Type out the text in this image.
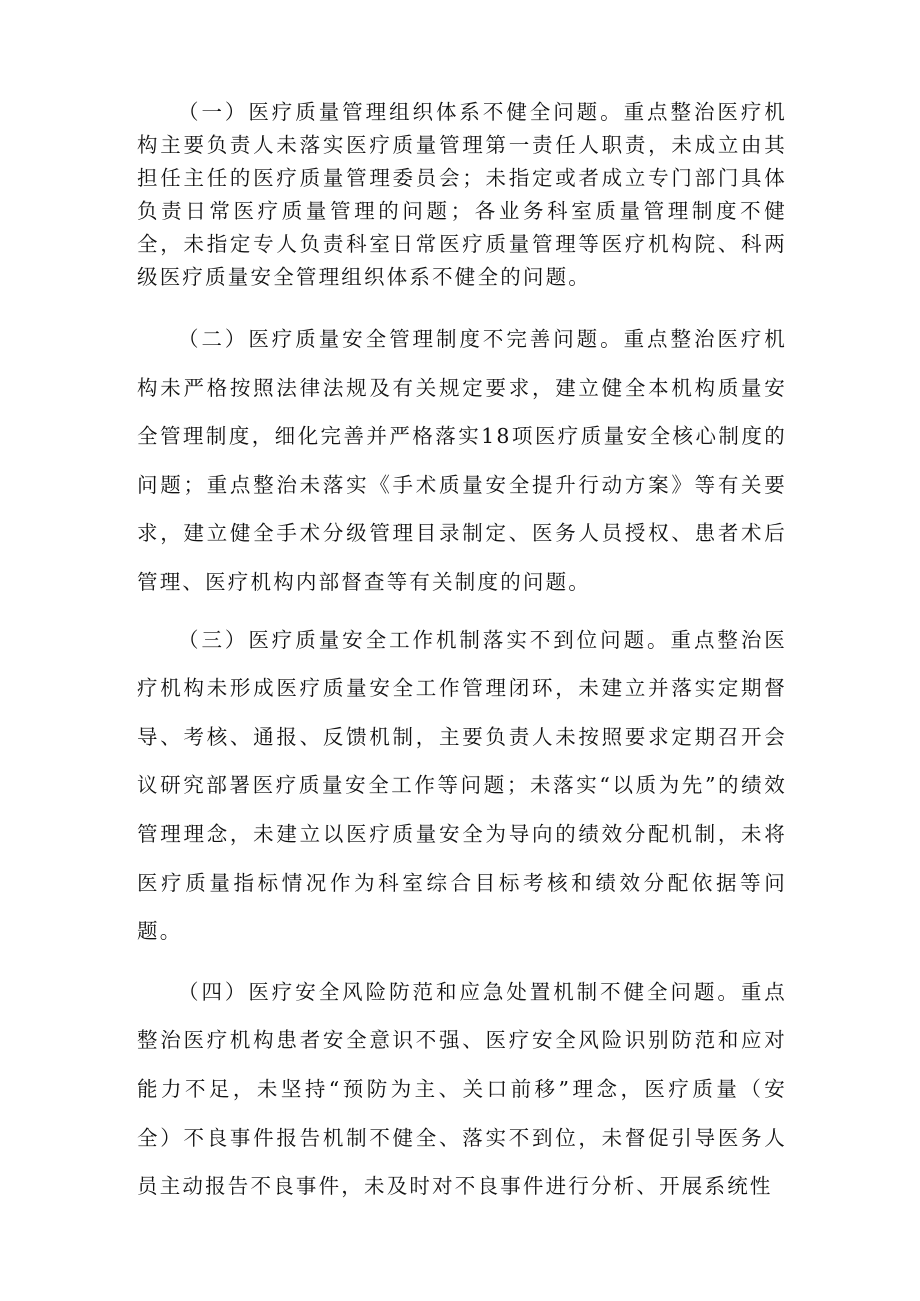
（一）医疗质量管理组织体系不健全问题。重点整治医疗机构主要负责人未落实医疗质量管理第一责任人职责，未成立由其担任主任的医疗质量管理委员会；未指定或者成立专门部门具体负责日常医疗质量管理的问题；各业务科室质量管理制度不健全，未指定专人负责科室日常医疗质量管理等医疗机构院、科两级医疗质量安全管理组织体系不健全的问题。

（二）医疗质量安全管理制度不完善问题。重点整治医疗机构未严格按照法律法规及有关规定要求，建立健全本机构质量安全管理制度，细化完善并严格落实18项医疗质量安全核心制度的问题；重点整治未落实《手术质量安全提升行动方案》等有关要求，建立健全手术分级管理目录制定、医务人员授权、患者术后管理、医疗机构内部督查等有关制度的问题。

（三）医疗质量安全工作机制落实不到位问题。重点整治医疗机构未形成医疗质量安全工作管理闭环，未建立并落实定期督导、考核、通报、反馈机制，主要负责人未按照要求定期召开会议研究部署医疗质量安全工作等问题；未落实“以质为先”的绩效管理理念，未建立以医疗质量安全为导向的绩效分配机制，未将医疗质量指标情况作为科室综合目标考核和绩效分配依据等问题。

（四）医疗安全风险防范和应急处置机制不健全问题。重点整治医疗机构患者安全意识不强、医疗安全风险识别防范和应对能力不足，未坚持“预防为主、关口前移”理念，医疗质量（安全）不良事件报告机制不健全、落实不到位，未督促引导医务人员主动报告不良事件，未及时对不良事件进行分析、开展系统性
